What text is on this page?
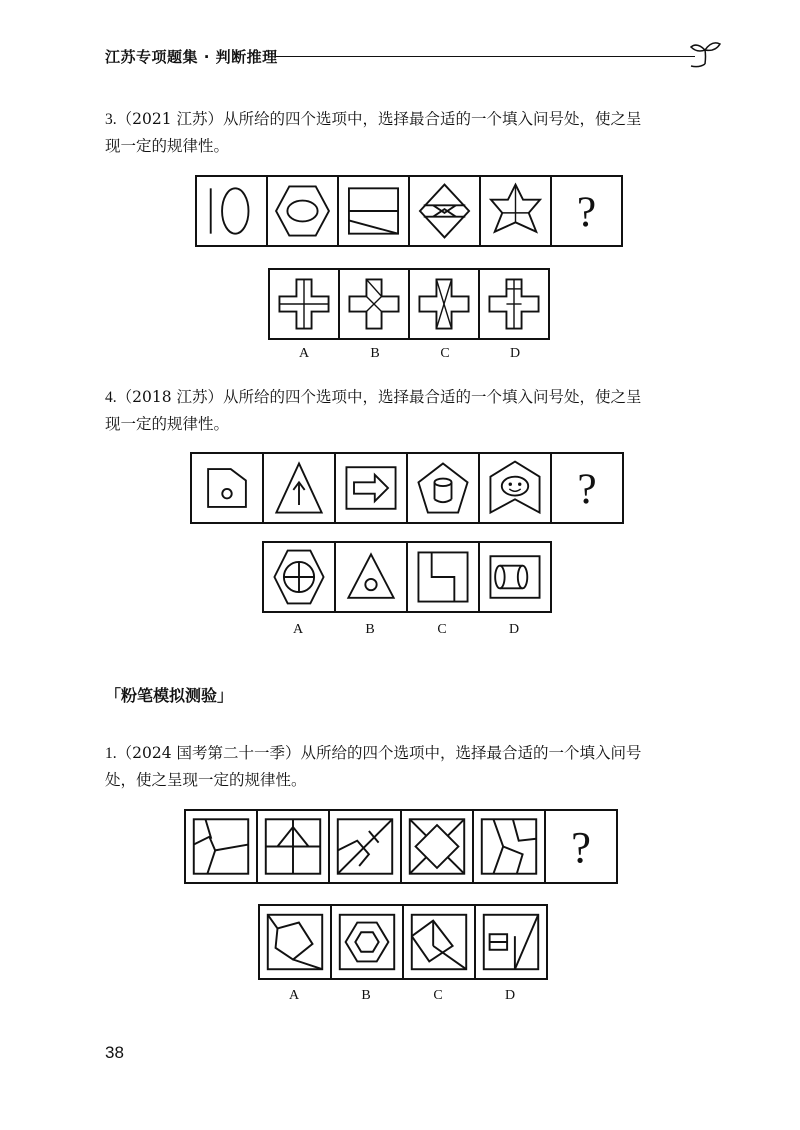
江苏专项题集 · 判断推理
3.（2021 江苏）从所给的四个选项中，选择最合适的一个填入问号处，使之呈
现一定的规律性。
?
A	B	C	D
4.（2018 江苏）从所给的四个选项中，选择最合适的一个填入问号处，使之呈
现一定的规律性。
?
A	B	C	D
「粉笔模拟测验」
1.（2024 国考第二十一季）从所给的四个选项中，选择最合适的一个填入问号
处，使之呈现一定的规律性。
?
A	B	C	D
38
